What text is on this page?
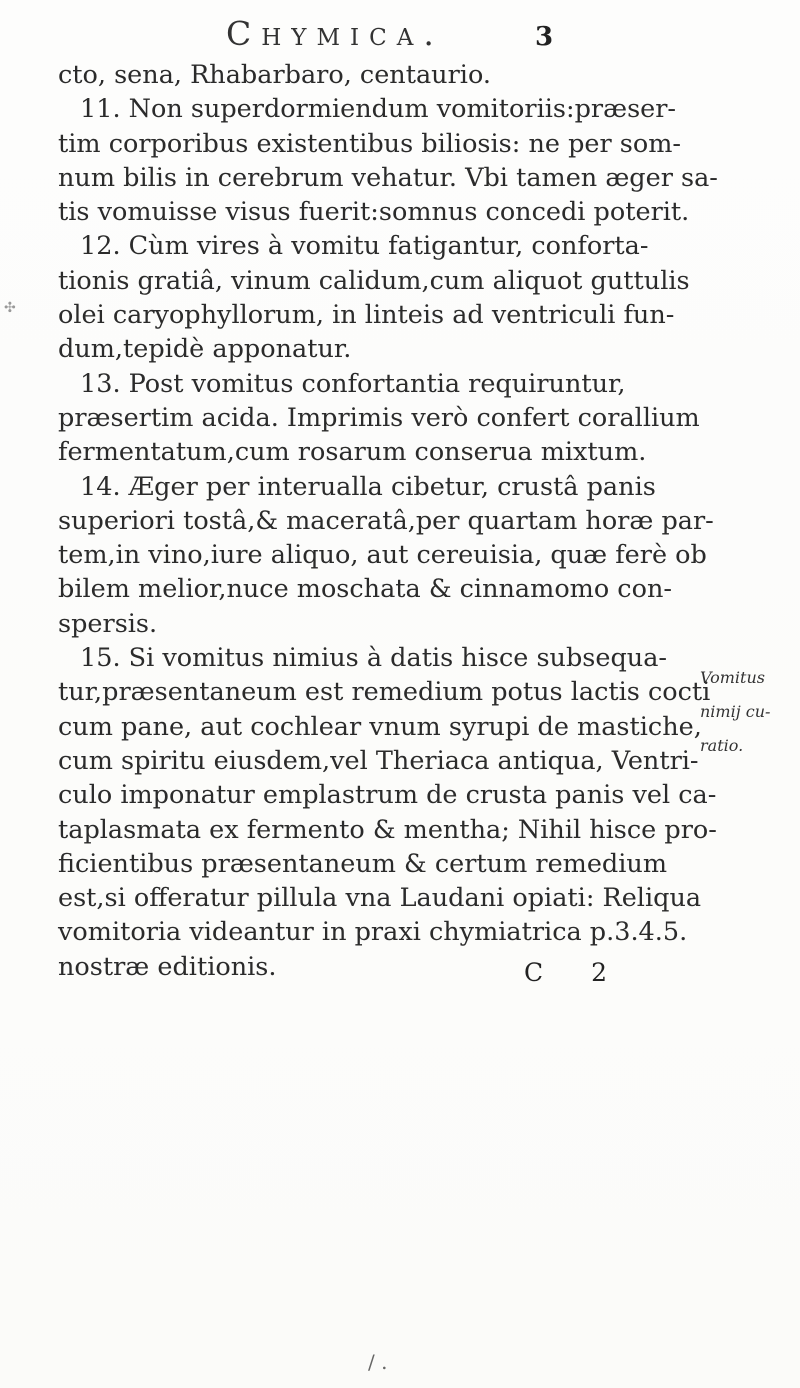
Chymica.	3
✣
cto, sena, Rhabarbaro, centaurio.
11. Non superdormiendum vomitoriis:præser-
tim corporibus existentibus biliosis: ne per som-
num bilis in cerebrum vehatur. Vbi tamen æger sa-
tis vomuisse visus fuerit:somnus concedi poterit.
12. Cùm vires à vomitu fatigantur, conforta-
tionis gratiâ, vinum calidum,cum aliquot guttulis
olei caryophyllorum, in linteis ad ventriculi fun-
dum,tepidè apponatur.
13. Post vomitus confortantia requiruntur,
præsertim acida. Imprimis verò confert corallium
fermentatum,cum rosarum conserua mixtum.
14. Æger per interualla cibetur, crustâ panis
superiori tostâ,& maceratâ,per quartam horæ par-
tem,in vino,iure aliquo, aut cereuisia, quæ ferè ob
bilem melior,nuce moschata & cinnamomo con-
spersis.
15. Si vomitus nimius à datis hisce subsequa-
tur,præsentaneum est remedium potus lactis cocti
cum pane, aut cochlear vnum syrupi de mastiche,
cum spiritu eiusdem,vel Theriaca antiqua, Ventri-
culo imponatur emplastrum de crusta panis vel ca-
taplasmata ex fermento & mentha; Nihil hisce pro-
ficientibus præsentaneum & certum remedium
est,si offeratur pillula vna Laudani opiati: Reliqua
vomitoria videantur in praxi chymiatrica p.3.4.5.
nostræ editionis.
Vomitus
nimij cu-
ratio.
C 2
/ .
